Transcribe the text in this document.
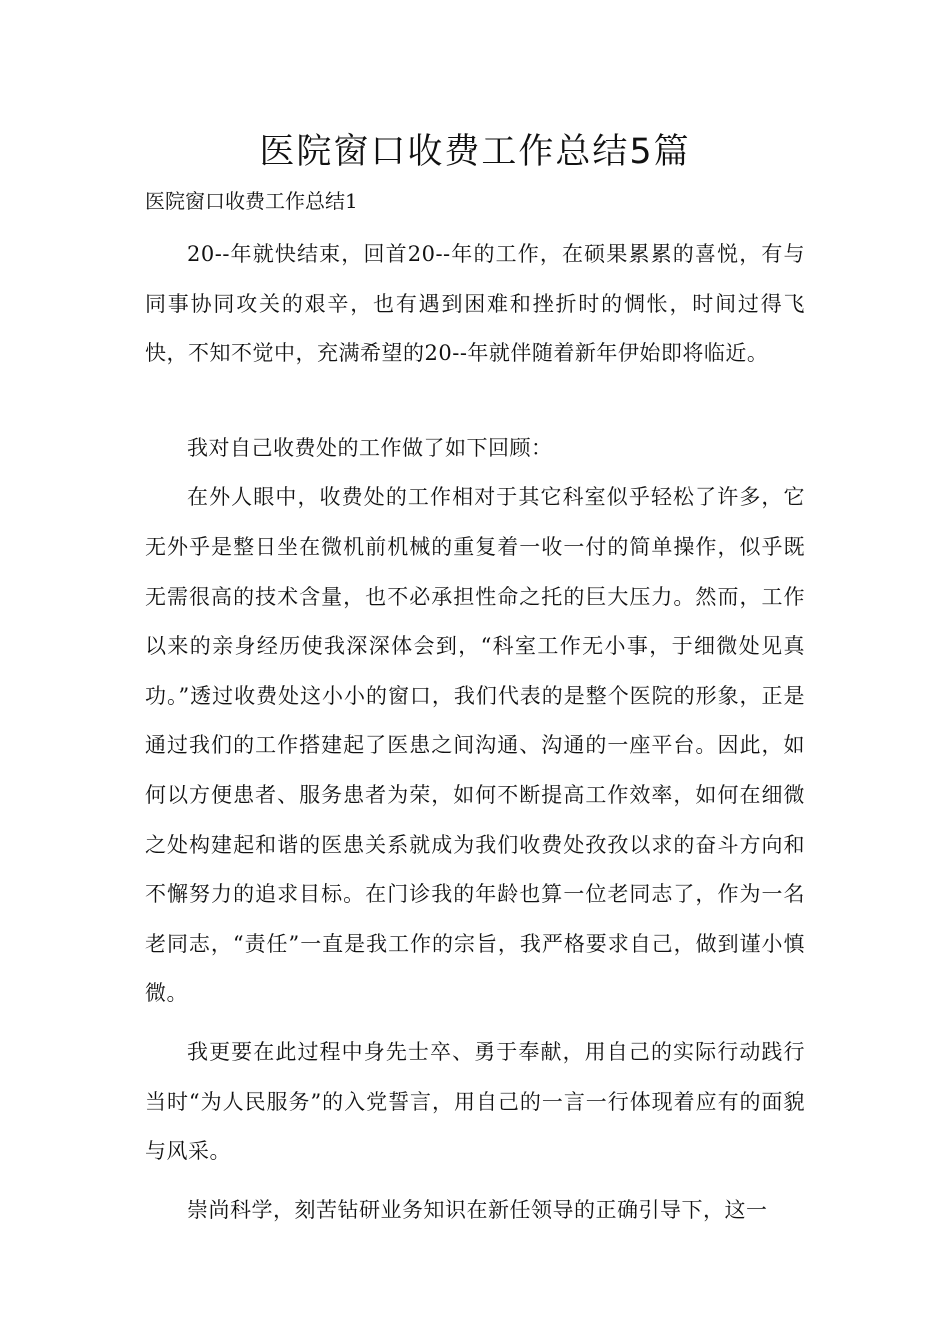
医院窗口收费工作总结5篇

医院窗口收费工作总结1

20--年就快结束，回首20--年的工作，在硕果累累的喜悦，有与同事协同攻关的艰辛，也有遇到困难和挫折时的惆怅，时间过得飞快，不知不觉中，充满希望的20--年就伴随着新年伊始即将临近。

我对自己收费处的工作做了如下回顾：

在外人眼中，收费处的工作相对于其它科室似乎轻松了许多，它无外乎是整日坐在微机前机械的重复着一收一付的简单操作，似乎既无需很高的技术含量，也不必承担性命之托的巨大压力。然而，工作以来的亲身经历使我深深体会到，“科室工作无小事，于细微处见真功。”透过收费处这小小的窗口，我们代表的是整个医院的形象，正是通过我们的工作搭建起了医患之间沟通、沟通的一座平台。因此，如何以方便患者、服务患者为荣，如何不断提高工作效率，如何在细微之处构建起和谐的医患关系就成为我们收费处孜孜以求的奋斗方向和不懈努力的追求目标。在门诊我的年龄也算一位老同志了，作为一名老同志，“责任”一直是我工作的宗旨，我严格要求自己，做到谨小慎微。

我更要在此过程中身先士卒、勇于奉献，用自己的实际行动践行当时“为人民服务”的入党誓言，用自己的一言一行体现着应有的面貌与风采。

崇尚科学，刻苦钻研业务知识在新任领导的正确引导下，这一
